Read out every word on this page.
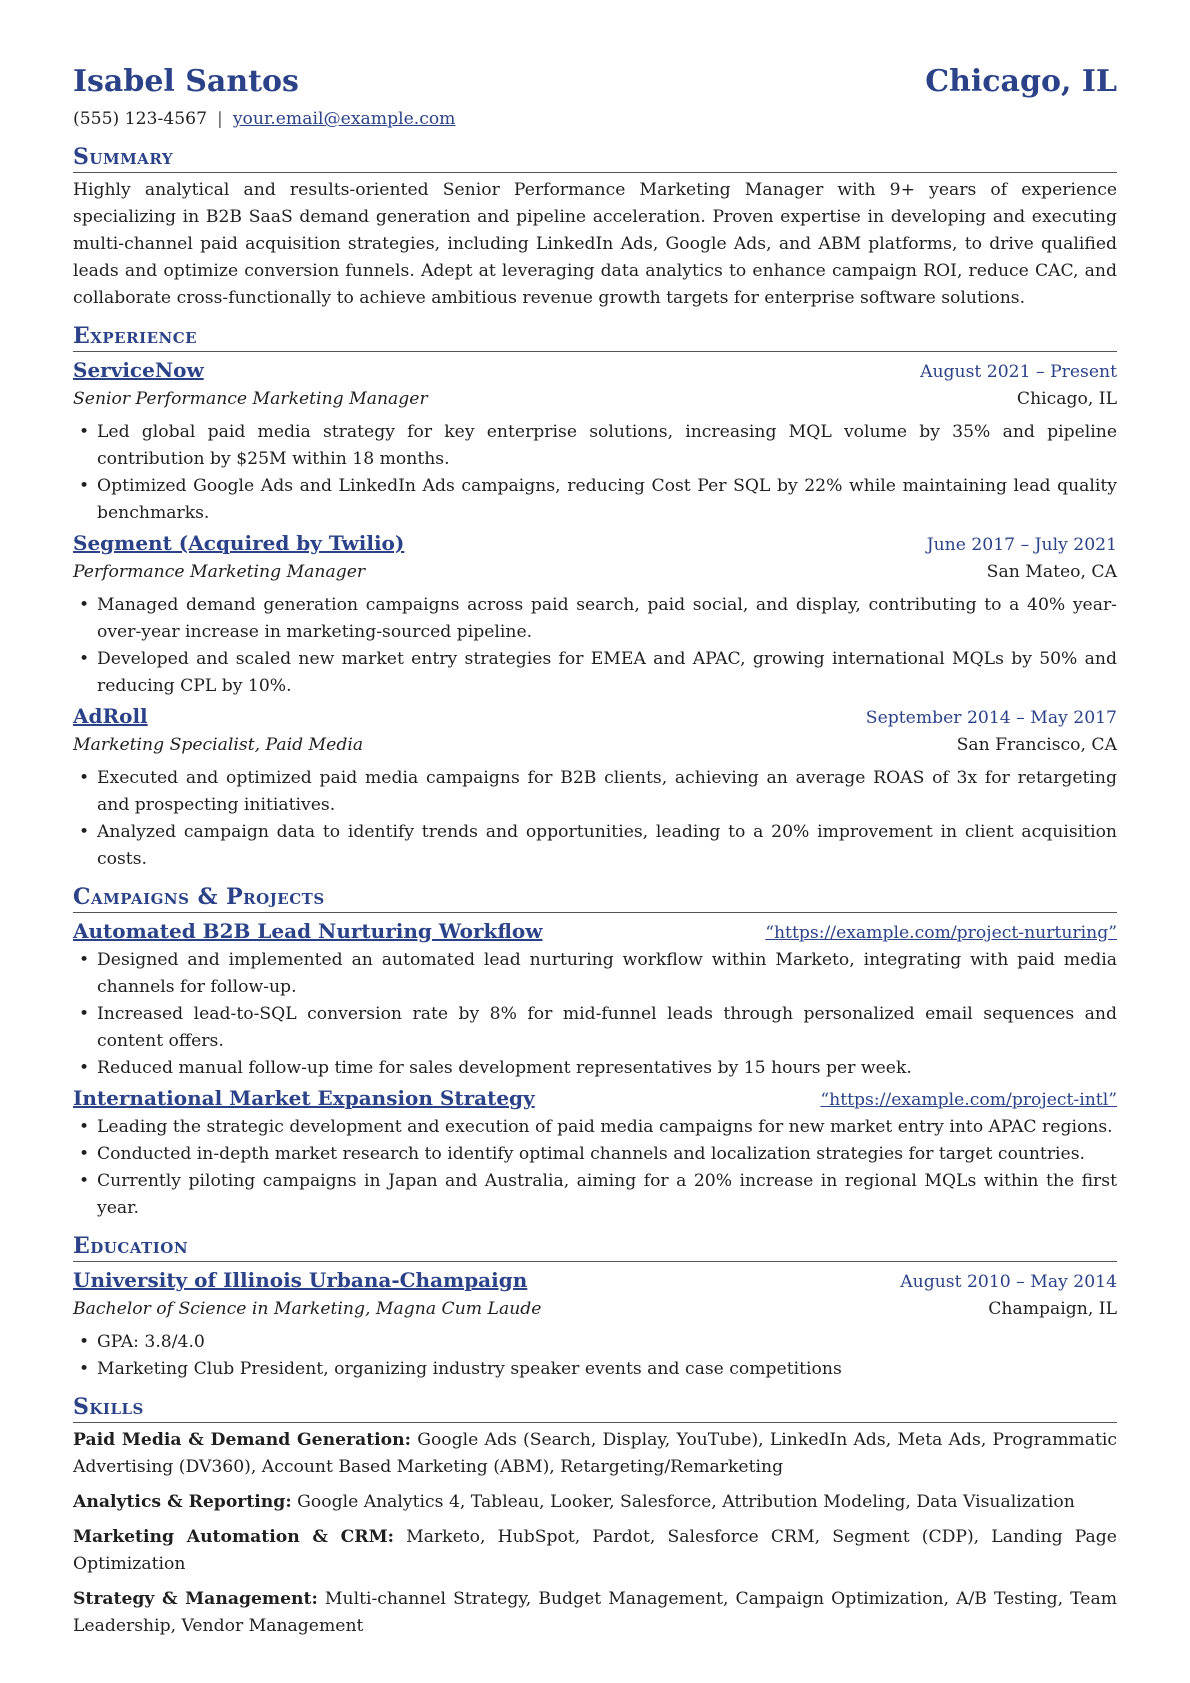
Isabel Santos	Chicago, IL
(555) 123-4567 | your.email@example.com
Summary
Highly analytical and results-oriented Senior Performance Marketing Manager with 9+ years of experience specializing in B2B SaaS demand generation and pipeline acceleration. Proven expertise in developing and executing multi-channel paid acquisition strategies, including LinkedIn Ads, Google Ads, and ABM platforms, to drive qualified leads and optimize conversion funnels. Adept at leveraging data analytics to enhance campaign ROI, reduce CAC, and collaborate cross-functionally to achieve ambitious revenue growth targets for enterprise software solutions.
Experience
ServiceNow	August 2021 – Present
Senior Performance Marketing Manager	Chicago, IL
• Led global paid media strategy for key enterprise solutions, increasing MQL volume by 35% and pipeline contribution by $25M within 18 months.
• Optimized Google Ads and LinkedIn Ads campaigns, reducing Cost Per SQL by 22% while maintaining lead quality benchmarks.
Segment (Acquired by Twilio)	June 2017 – July 2021
Performance Marketing Manager	San Mateo, CA
• Managed demand generation campaigns across paid search, paid social, and display, contributing to a 40% year-over-year increase in marketing-sourced pipeline.
• Developed and scaled new market entry strategies for EMEA and APAC, growing international MQLs by 50% and reducing CPL by 10%.
AdRoll	September 2014 – May 2017
Marketing Specialist, Paid Media	San Francisco, CA
• Executed and optimized paid media campaigns for B2B clients, achieving an average ROAS of 3x for retargeting and prospecting initiatives.
• Analyzed campaign data to identify trends and opportunities, leading to a 20% improvement in client acquisition costs.
Campaigns & Projects
Automated B2B Lead Nurturing Workflow	“https://example.com/project-nurturing”
• Designed and implemented an automated lead nurturing workflow within Marketo, integrating with paid media channels for follow-up.
• Increased lead-to-SQL conversion rate by 8% for mid-funnel leads through personalized email sequences and content offers.
• Reduced manual follow-up time for sales development representatives by 15 hours per week.
International Market Expansion Strategy	“https://example.com/project-intl”
• Leading the strategic development and execution of paid media campaigns for new market entry into APAC regions.
• Conducted in-depth market research to identify optimal channels and localization strategies for target countries.
• Currently piloting campaigns in Japan and Australia, aiming for a 20% increase in regional MQLs within the first year.
Education
University of Illinois Urbana-Champaign	August 2010 – May 2014
Bachelor of Science in Marketing, Magna Cum Laude	Champaign, IL
• GPA: 3.8/4.0
• Marketing Club President, organizing industry speaker events and case competitions
Skills
Paid Media & Demand Generation: Google Ads (Search, Display, YouTube), LinkedIn Ads, Meta Ads, Programmatic Advertising (DV360), Account Based Marketing (ABM), Retargeting/Remarketing
Analytics & Reporting: Google Analytics 4, Tableau, Looker, Salesforce, Attribution Modeling, Data Visualization
Marketing Automation & CRM: Marketo, HubSpot, Pardot, Salesforce CRM, Segment (CDP), Landing Page Optimization
Strategy & Management: Multi-channel Strategy, Budget Management, Campaign Optimization, A/B Testing, Team Leadership, Vendor Management
